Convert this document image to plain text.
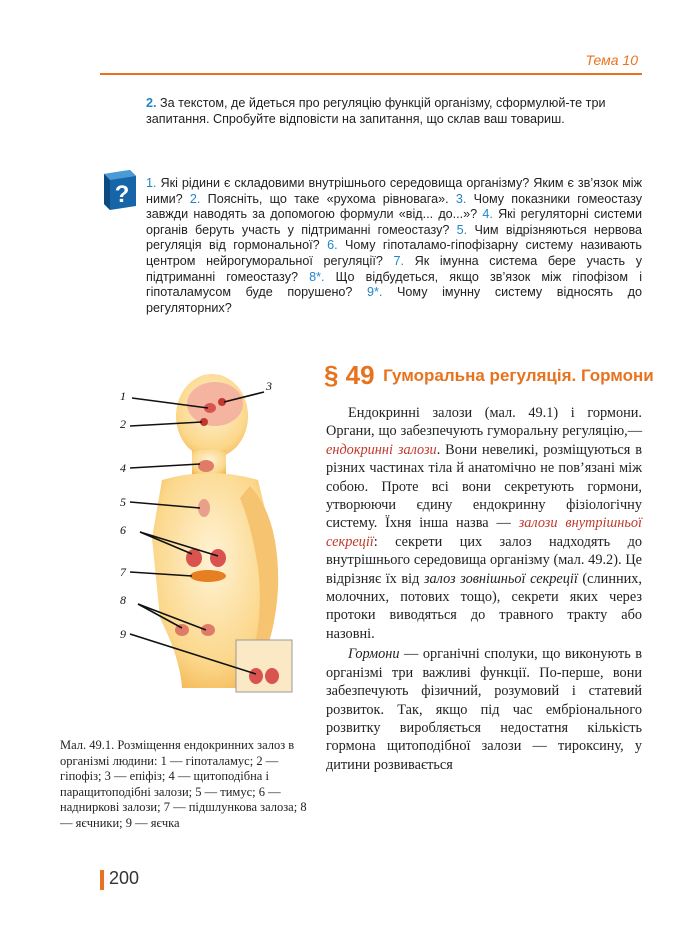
Тема 10
2. За текстом, де йдеться про регуляцію функцій організму, сформулюй-те три запитання. Спробуйте відповісти на запитання, що склав ваш товариш.
? 1. Які рідини є складовими внутрішнього середовища організму? Яким є зв’язок між ними? 2. Поясніть, що таке «рухома рівновага». 3. Чому показники гомеостазу завжди наводять за допомогою формули «від... до...»? 4. Які регуляторні системи органів беруть участь у підтриманні гомеостазу? 5. Чим відрізняються нервова регуляція від гормональної? 6. Чому гіпоталамо-гіпофізарну систему називають центром нейрогуморальної регуляції? 7. Як імунна система бере участь у підтриманні гомеостазу? 8*. Що відбудеться, якщо зв’язок між гіпофізом і гіпоталамусом буде порушено? 9*. Чому імунну систему відносять до регуляторних?
§ 49 Гуморальна регуляція. Гормони

Ендокринні залози (мал. 49.1) і гормони. Органи, що забезпечують гуморальну регуляцію,— ендокринні залози. Вони невеликі, розміщуються в різних частинах тіла й анатомічно не пов’язані між собою. Проте всі вони секретують гормони, утворюючи єдину ендокринну фізіологічну систему. Їхня інша назва — залози внутрішньої секреції: секрети цих залоз надходять до внутрішнього середовища організму (мал. 49.2). Це відрізняє їх від залоз зовнішньої секреції (слинних, молочних, потових тощо), секрети яких через протоки виводяться до травного тракту або назовні.

Гормони — органічні сполуки, що виконують в організмі три важливі функції. По-перше, вони забезпечують фізичний, розумовий і статевий розвиток. Так, якщо під час ембріонального розвитку виробляється недостатня кількість гормона щитоподібної залози — тироксину, у дитини розвивається

1
2
3
4
5
6
7
8
9
Мал. 49.1. Розміщення ендокринних залоз в організмі людини: 1 — гіпоталамус; 2 — гіпофіз; 3 — епіфіз; 4 — щитоподібна і паращитоподібні залози; 5 — тимус; 6 — надниркові залози; 7 — підшлункова залоза; 8 — яєчники; 9 — яєчка
200
